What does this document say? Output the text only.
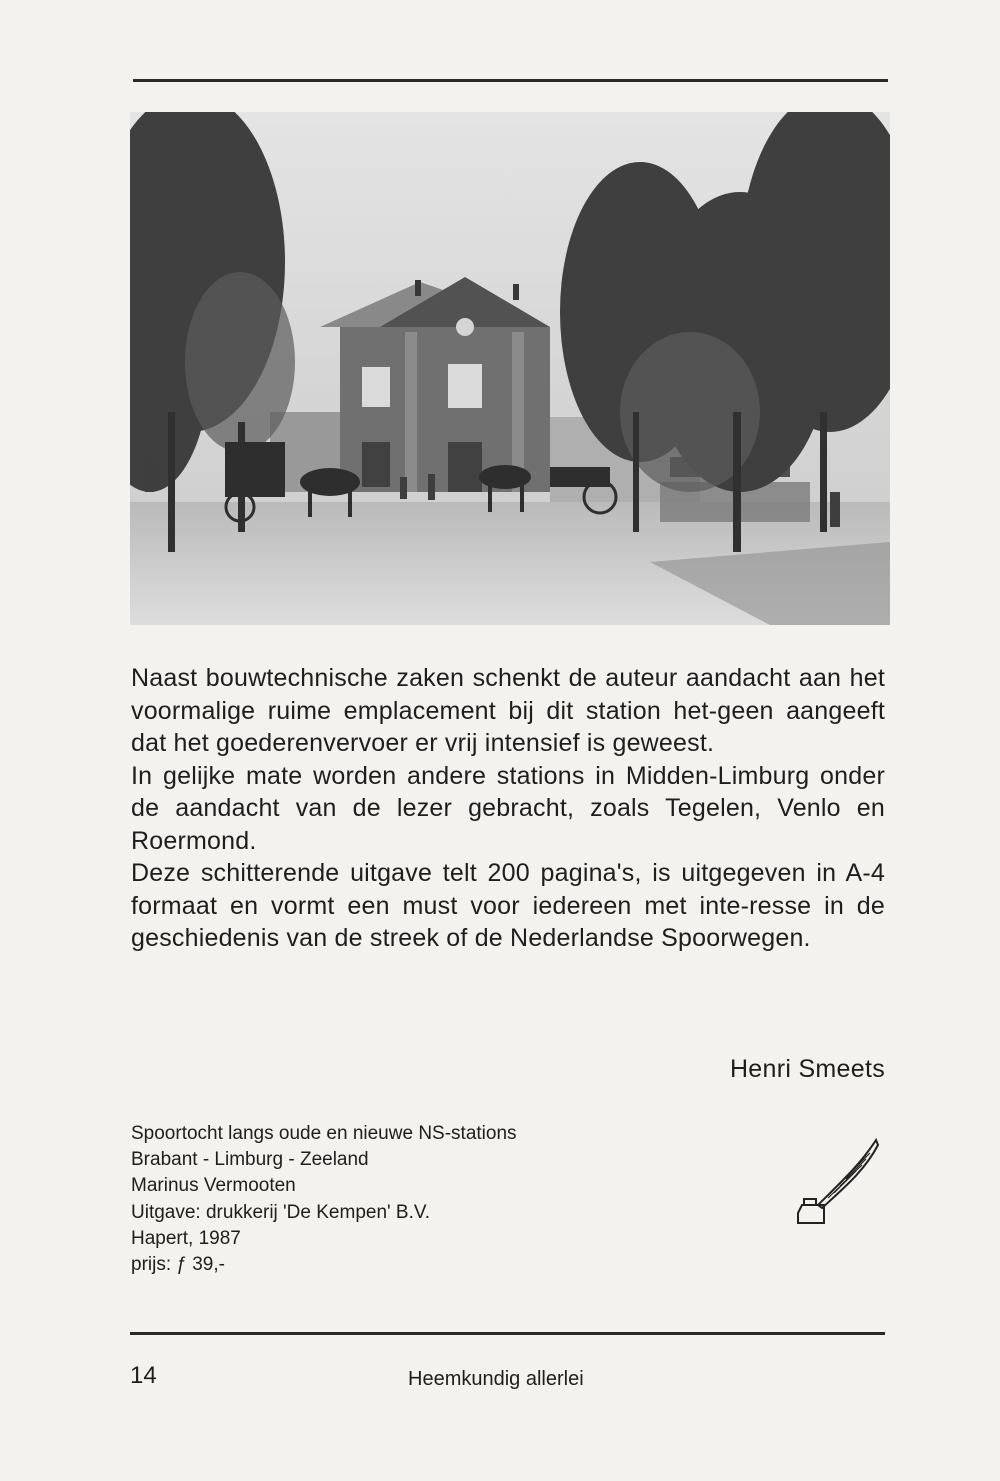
Naast bouwtechnische zaken schenkt de auteur aandacht aan het voormalige ruime emplacement bij dit station het-geen aangeeft dat het goederenvervoer er vrij intensief is geweest.

In gelijke mate worden andere stations in Midden-Limburg onder de aandacht van de lezer gebracht, zoals Tegelen, Venlo en Roermond.

Deze schitterende uitgave telt 200 pagina's, is uitgegeven in A-4 formaat en vormt een must voor iedereen met inte-resse in de geschiedenis van de streek of de Nederlandse Spoorwegen.

Henri Smeets
Spoortocht langs oude en nieuwe NS-stations
Brabant - Limburg - Zeeland
Marinus Vermooten
Uitgave: drukkerij 'De Kempen' B.V.
Hapert, 1987
prijs: ƒ 39,-
14	Heemkundig allerlei
